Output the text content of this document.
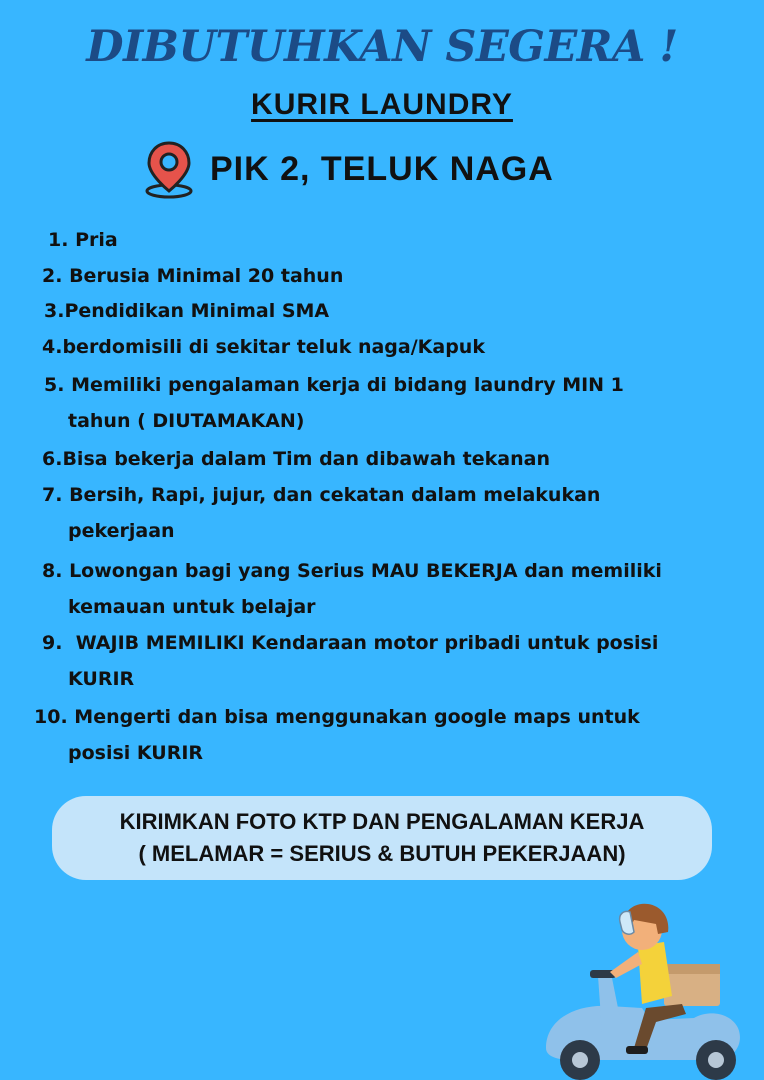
DIBUTUHKAN SEGERA !
KURIR LAUNDRY
PIK 2, TELUK NAGA
1. Pria
2. Berusia Minimal 20 tahun
3.Pendidikan Minimal SMA
4.berdomisili di sekitar teluk naga/Kapuk
5. Memiliki pengalaman kerja di bidang laundry MIN 1
tahun ( DIUTAMAKAN)
6.Bisa bekerja dalam Tim dan dibawah tekanan
7. Bersih, Rapi, jujur, dan cekatan dalam melakukan
pekerjaan
8. Lowongan bagi yang Serius MAU BEKERJA dan memiliki
kemauan untuk belajar
9. WAJIB MEMILIKI Kendaraan motor pribadi untuk posisi
KURIR
10. Mengerti dan bisa menggunakan google maps untuk
posisi KURIR
KIRIMKAN FOTO KTP DAN PENGALAMAN KERJA
( MELAMAR = SERIUS & BUTUH PEKERJAAN)
